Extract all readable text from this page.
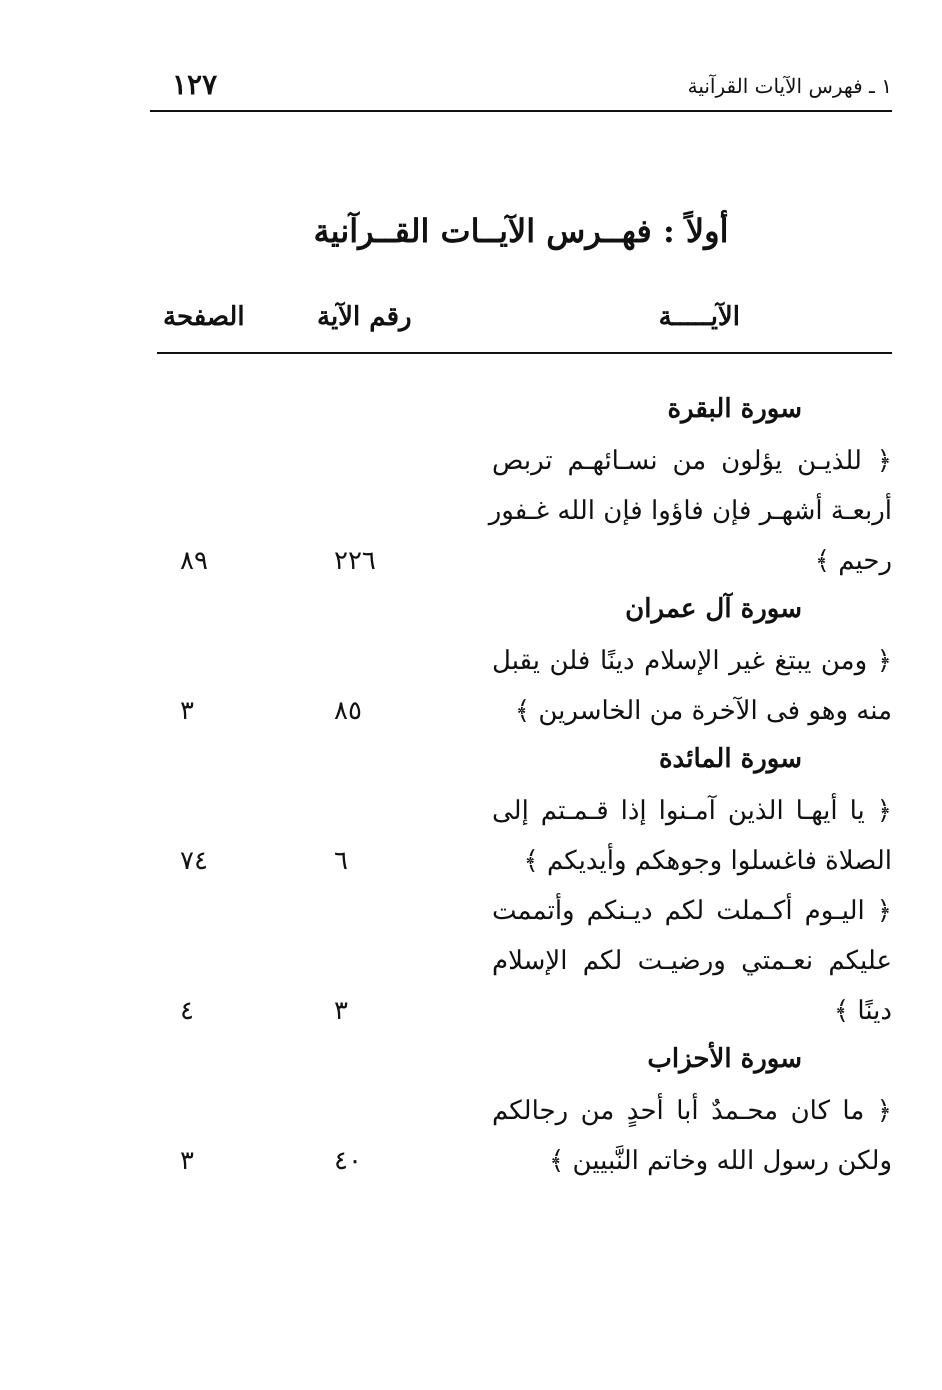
١٢٧	١ ـ فهرس الآيات القرآنية
أولاً : فهــرس الآيــات القــرآنية
الآيـــــة
رقم الآية
الصفحة
سورة البقرة
﴿ للذيـن يؤلون من نسـائهـم تربص
أربعـة أشهـر فإن فاؤوا فإن الله غـفور
رحيم ﴾
٢٢٦
٨٩
سورة آل عمران
﴿ ومن يبتغ غير الإسلام دينًا فلن يقبل
منه وهو فى الآخرة من الخاسرين ﴾
٨٥
٣
سورة المائدة
﴿ يا أيهـا الذين آمـنوا إذا قـمـتم إلى
الصلاة فاغسلوا وجوهكم وأيديكم ﴾
٦
٧٤
﴿ اليـوم أكـملت لكم ديـنكم وأتممت
عليكم نعـمتي ورضيـت لكم الإسلام
دينًا ﴾
٣
٤
سورة الأحزاب
﴿ ما كان محـمدٌ أبا أحدٍ من رجالكم
ولكن رسول الله وخاتم النَّبيين ﴾
٤٠
٣
